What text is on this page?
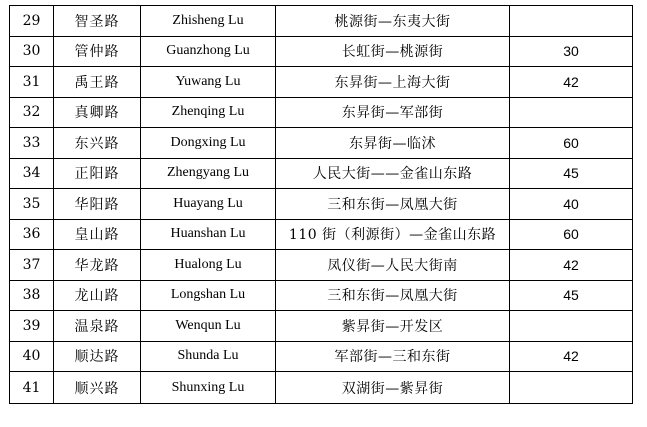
29	智圣路	Zhisheng Lu	桃源街—东夷大街	
30	管仲路	Guanzhong Lu	长虹街—桃源街	30
31	禹王路	Yuwang Lu	东昇街—上海大街	42
32	真卿路	Zhenqing Lu	东昇街—军部街	
33	东兴路	Dongxing Lu	东昇街—临沭	60
34	正阳路	Zhengyang Lu	人民大街——金雀山东路	45
35	华阳路	Huayang Lu	三和东街—凤凰大街	40
36	皇山路	Huanshan Lu	110 街（利源街）—金雀山东路	60
37	华龙路	Hualong Lu	凤仪街—人民大街南	42
38	龙山路	Longshan Lu	三和东街—凤凰大街	45
39	温泉路	Wenqun Lu	紫昇街—开发区	
40	顺达路	Shunda Lu	军部街—三和东街	42
41	顺兴路	Shunxing Lu	双湖街—紫昇街	
